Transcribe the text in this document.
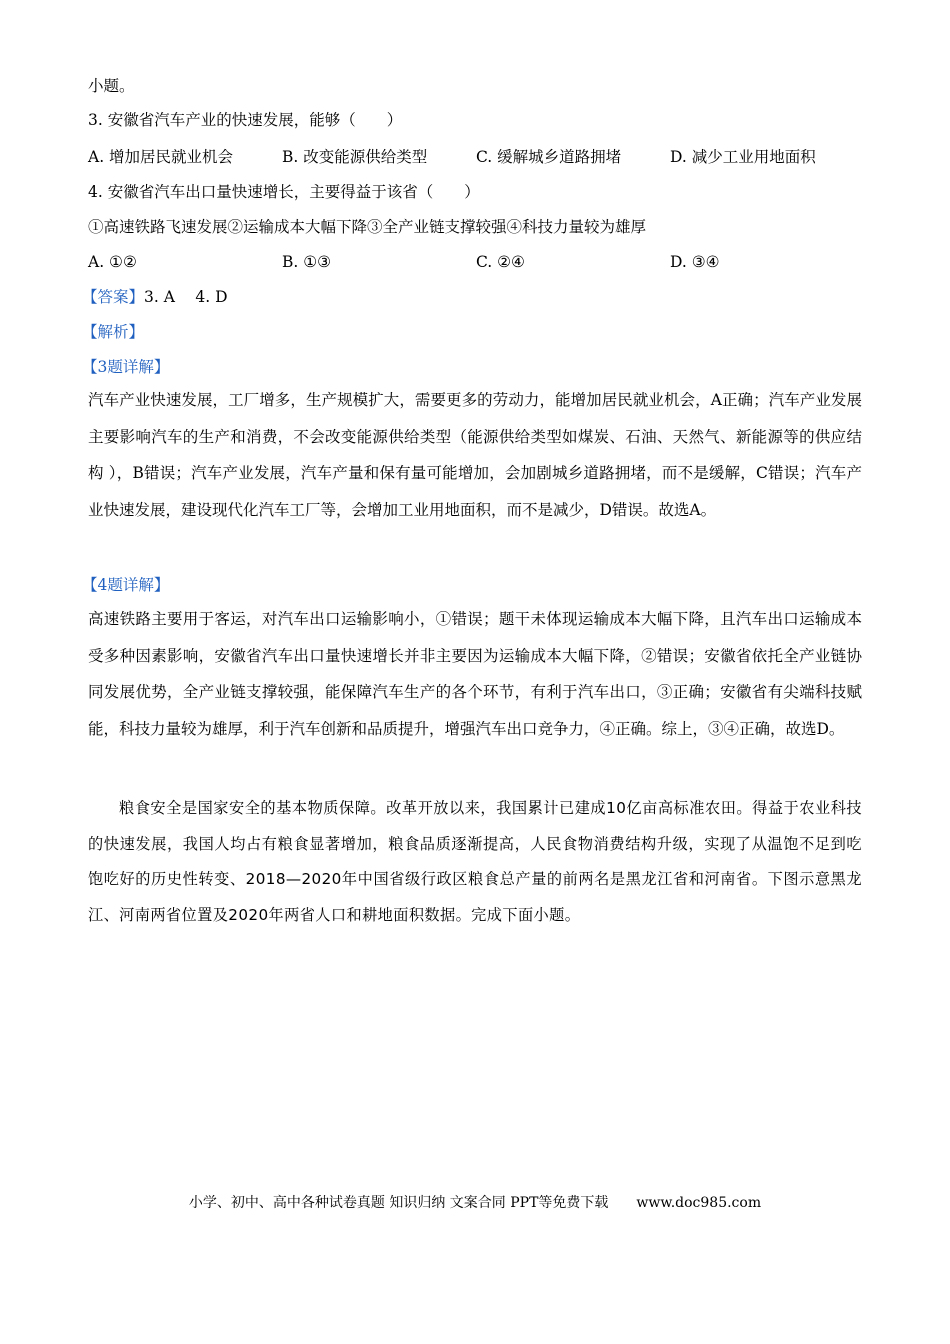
小题。
3. 安徽省汽车产业的快速发展，能够（　　）
A. 增加居民就业机会	B. 改变能源供给类型	C. 缓解城乡道路拥堵	D. 减少工业用地面积
4. 安徽省汽车出口量快速增长，主要得益于该省（　　）
①高速铁路飞速发展②运输成本大幅下降③全产业链支撑较强④科技力量较为雄厚
A. ①②	B. ①③	C. ②④	D. ③④
【答案】3. A　 4. D
【解析】
【3题详解】
汽车产业快速发展，工厂增多，生产规模扩大，需要更多的劳动力，能增加居民就业机会，A正确；汽车产业发展主要影响汽车的生产和消费，不会改变能源供给类型（能源供给类型如煤炭、石油、天然气、新能源等的供应结构 ），B错误；汽车产业发展，汽车产量和保有量可能增加，会加剧城乡道路拥堵，而不是缓解，C错误；汽车产业快速发展，建设现代化汽车工厂等，会增加工业用地面积，而不是减少，D错误。故选A。
【4题详解】
高速铁路主要用于客运，对汽车出口运输影响小，①错误；题干未体现运输成本大幅下降，且汽车出口运输成本受多种因素影响，安徽省汽车出口量快速增长并非主要因为运输成本大幅下降，②错误；安徽省依托全产业链协同发展优势，全产业链支撑较强，能保障汽车生产的各个环节，有利于汽车出口，③正确；安徽省有尖端科技赋能，科技力量较为雄厚，利于汽车创新和品质提升，增强汽车出口竞争力，④正确。综上，③④正确，故选D。
粮食安全是国家安全的基本物质保障。改革开放以来，我国累计已建成10亿亩高标准农田。得益于农业科技的快速发展，我国人均占有粮食显著增加，粮食品质逐渐提高，人民食物消费结构升级，实现了从温饱不足到吃饱吃好的历史性转变、2018—2020年中国省级行政区粮食总产量的前两名是黑龙江省和河南省。下图示意黑龙江、河南两省位置及2020年两省人口和耕地面积数据。完成下面小题。
小学、初中、高中各种试卷真题 知识归纳 文案合同 PPT等免费下载　　www.doc985.com
